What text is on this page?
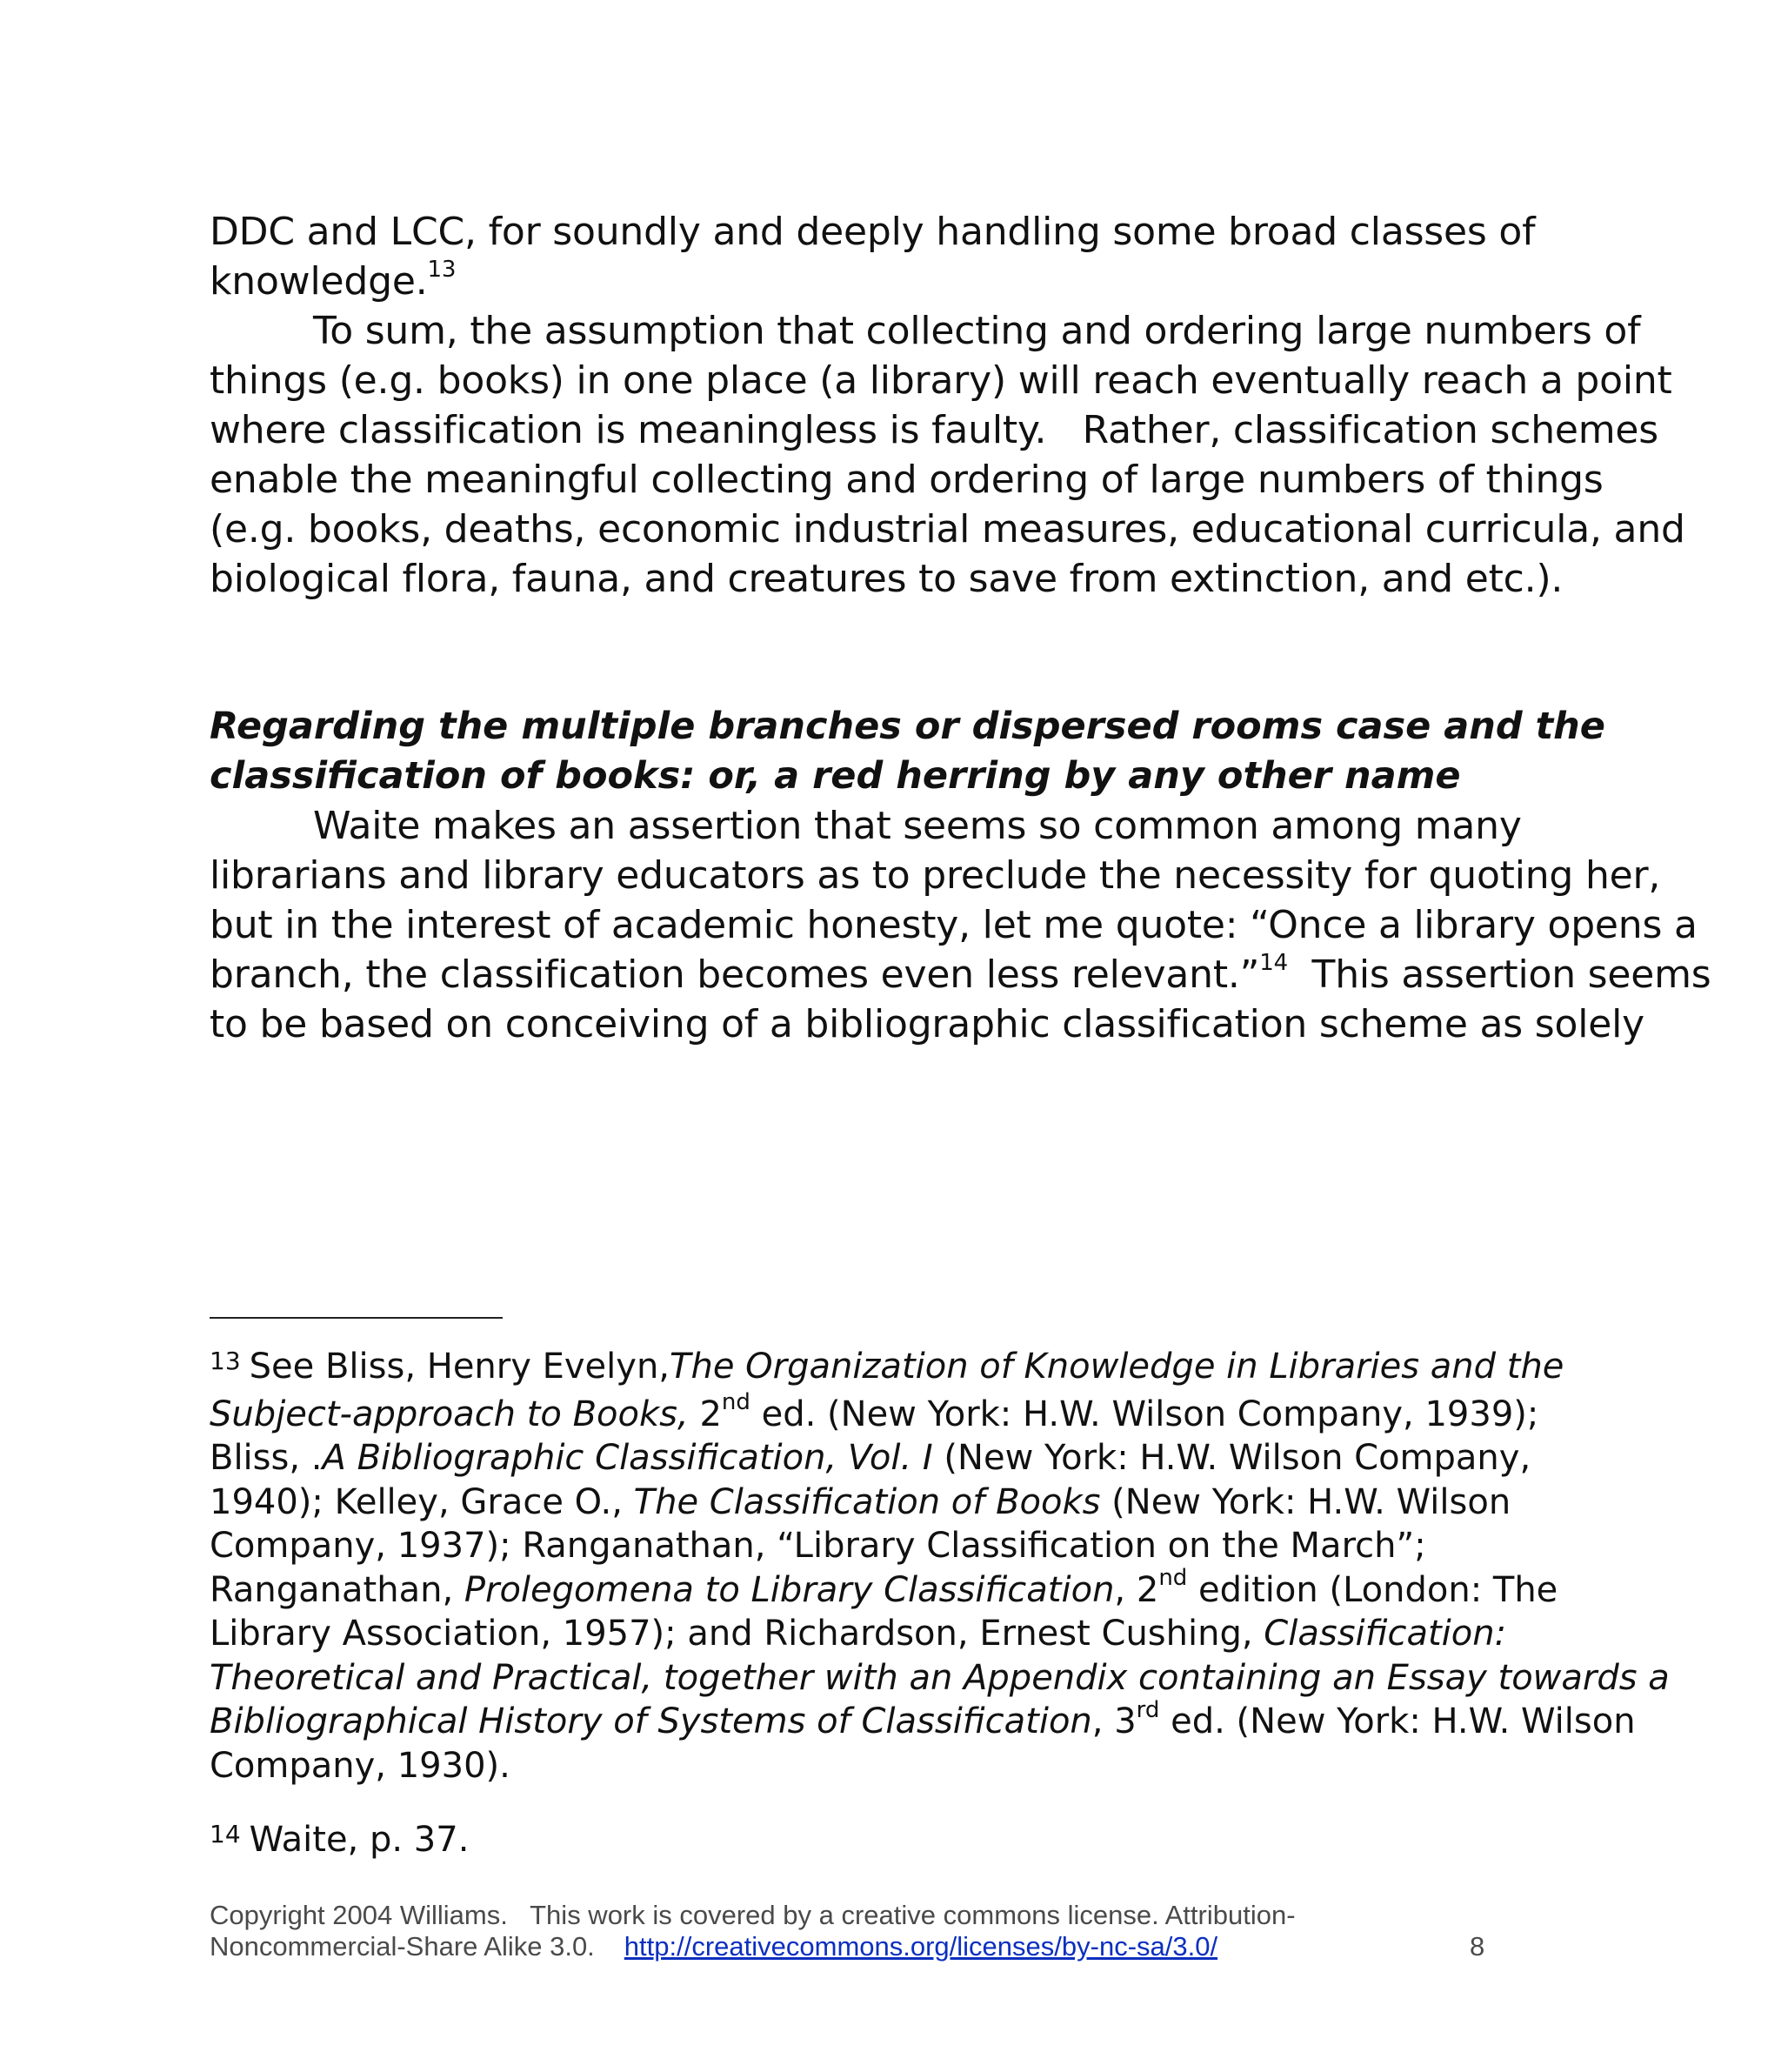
DDC and LCC, for soundly and deeply handling some broad classes of
knowledge.$^{13}$
To sum, the assumption that collecting and ordering large numbers of
things (e.g. books) in one place (a library) will reach eventually reach a point
where classification is meaningless is faulty.   Rather, classification schemes
enable the meaningful collecting and ordering of large numbers of things
(e.g. books, deaths, economic industrial measures, educational curricula, and
biological flora, fauna, and creatures to save from extinction, and etc.).
Regarding the multiple branches or dispersed rooms case and the
classification of books: or, a red herring by any other name
Waite makes an assertion that seems so common among many
librarians and library educators as to preclude the necessity for quoting her,
but in the interest of academic honesty, let me quote: “Once a library opens a
branch, the classification becomes even less relevant.”$^{14}$  This assertion seems
to be based on conceiving of a bibliographic classification scheme as solely
$^{13}$ See Bliss, Henry Evelyn,The Organization of Knowledge in Libraries and the
Subject-approach to Books, 2nd ed. (New York: H.W. Wilson Company, 1939);
Bliss, .A Bibliographic Classification, Vol. I (New York: H.W. Wilson Company,
1940); Kelley, Grace O., The Classification of Books (New York: H.W. Wilson
Company, 1937); Ranganathan, “Library Classification on the March”;
Ranganathan, Prolegomena to Library Classification, 2nd edition (London: The
Library Association, 1957); and Richardson, Ernest Cushing, Classification:
Theoretical and Practical, together with an Appendix containing an Essay towards a
Bibliographical History of Systems of Classification, 3rd ed. (New York: H.W. Wilson
Company, 1930).
$^{14}$ Waite, p. 37.
Copyright 2004 Williams.   This work is covered by a creative commons license. Attribution-
Noncommercial-Share Alike 3.0. http://creativecommons.org/licenses/by-nc-sa/3.0/	8
